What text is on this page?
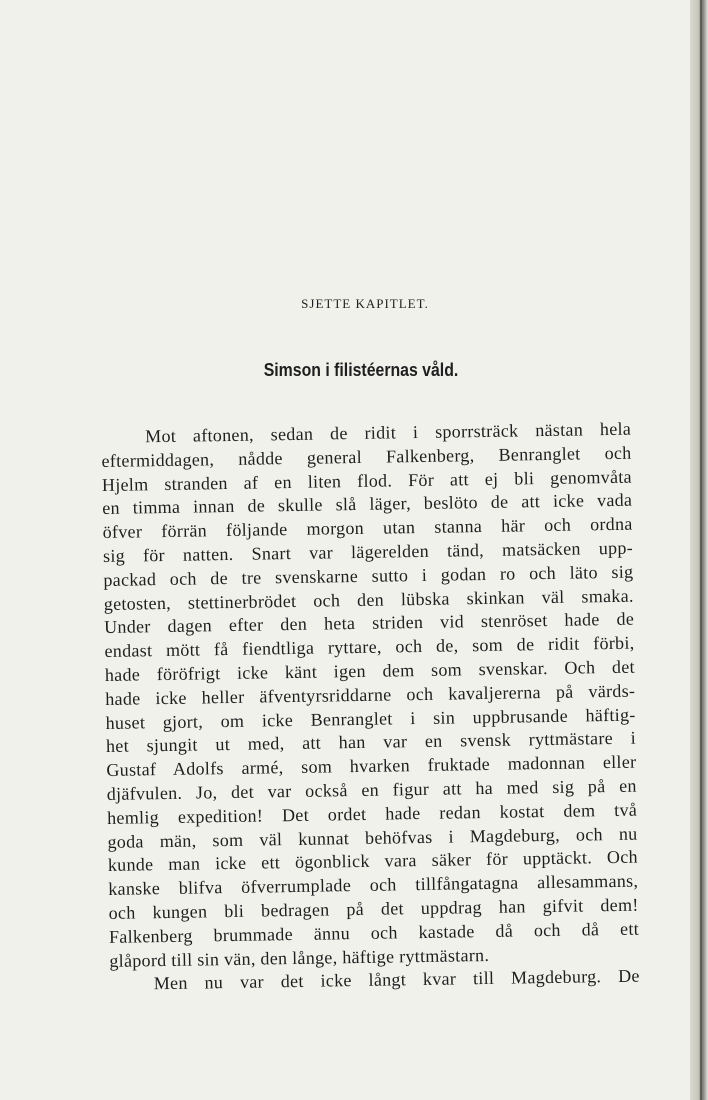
SJETTE KAPITLET.
Simson i filistéernas våld.
Mot aftonen, sedan de ridit i sporrsträck nästan hela
eftermiddagen, nådde general Falkenberg, Benranglet och
Hjelm stranden af en liten flod. För att ej bli genomvåta
en timma innan de skulle slå läger, beslöto de att icke vada
öfver förrän följande morgon utan stanna här och ordna
sig för natten. Snart var lägerelden tänd, matsäcken upp-
packad och de tre svenskarne sutto i godan ro och läto sig
getosten, stettinerbrödet och den lübska skinkan väl smaka.
Under dagen efter den heta striden vid stenröset hade de
endast mött få fiendtliga ryttare, och de, som de ridit förbi,
hade föröfrigt icke känt igen dem som svenskar. Och det
hade icke heller äfventyrsriddarne och kavaljererna på värds-
huset gjort, om icke Benranglet i sin uppbrusande häftig-
het sjungit ut med, att han var en svensk ryttmästare i
Gustaf Adolfs armé, som hvarken fruktade madonnan eller
djäfvulen. Jo, det var också en figur att ha med sig på en
hemlig expedition! Det ordet hade redan kostat dem två
goda män, som väl kunnat behöfvas i Magdeburg, och nu
kunde man icke ett ögonblick vara säker för upptäckt. Och
kanske blifva öfverrumplade och tillfångatagna allesammans,
och kungen bli bedragen på det uppdrag han gifvit dem!
Falkenberg brummade ännu och kastade då och då ett
glåpord till sin vän, den långe, häftige ryttmästarn.
Men nu var det icke långt kvar till Magdeburg. De
